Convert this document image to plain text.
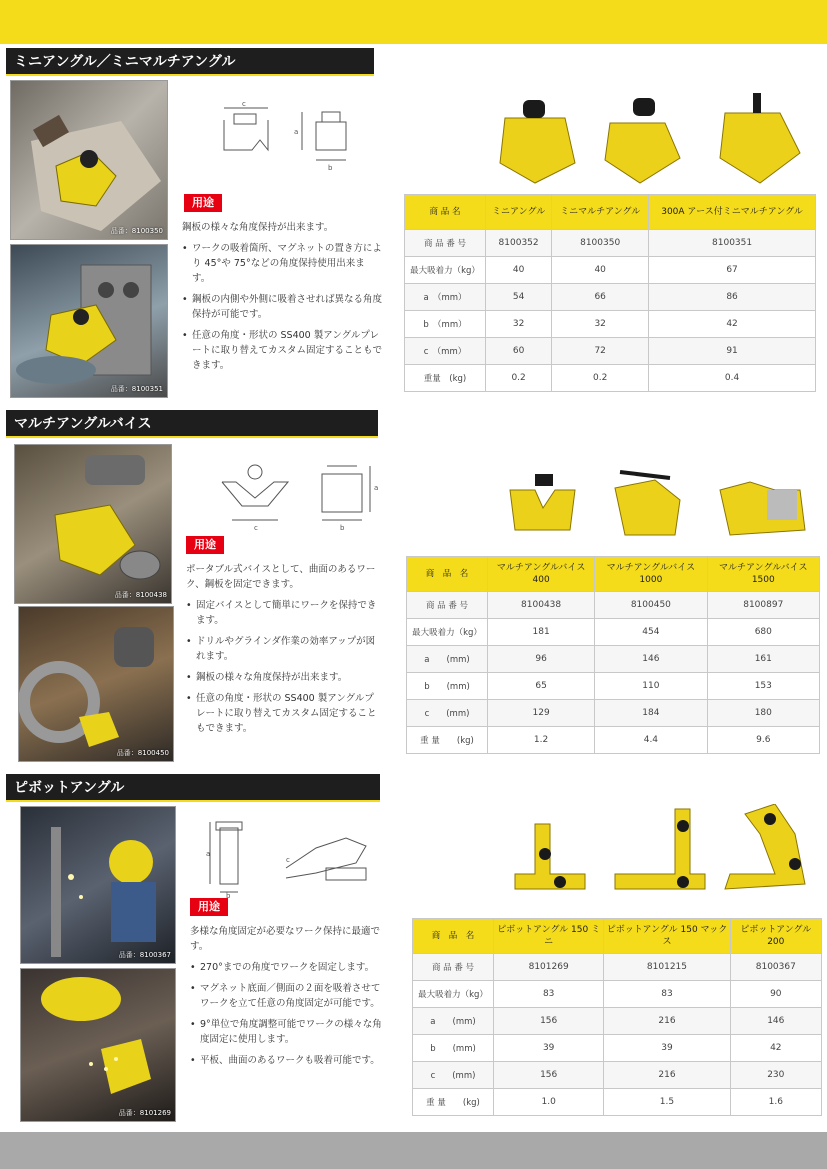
ミニアングル／ミニマルチアングル
品番：8100350
品番：8100351
c
a
b
用途

鋼板の様々な角度保持が出来ます。

• ワークの吸着箇所、マグネットの置き方により 45°や 75°などの角度保持使用出来ます。
• 鋼板の内側や外側に吸着させれば異なる角度保持が可能です。
• 任意の角度・形状の SS400 製アングルプレートに取り替えてカスタム固定することもできます。
商 品 名	ミニアングル	ミニマルチアングル	300A アース付ミニマルチアングル
商 品 番 号	8100352	8100350	8100351
最大吸着力（kg）	40	40	67
a　（mm）	54	66	86
b　（mm）	32	32	42
c　（mm）	60	72	91
重量　(kg)	0.2	0.2	0.4
マルチアングルバイス
品番：8100438
品番：8100450
c
a
b
用途

ポータブル式バイスとして、曲面のあるワーク、鋼板を固定できます。

• 固定バイスとして簡単にワークを保持できます。
• ドリルやグラインダ作業の効率アップが図れます。
• 鋼板の様々な角度保持が出来ます。
• 任意の角度・形状の SS400 製アングルプレートに取り替えてカスタム固定することもできます。
商　品　名	マルチアングルバイス 400	マルチアングルバイス 1000	マルチアングルバイス 1500
商 品 番 号	8100438	8100450	8100897
最大吸着力（kg）	181	454	680
a　　(mm)	96	146	161
b　　(mm)	65	110	153
c　　(mm)	129	184	180
重 量　　(kg)	1.2	4.4	9.6
ピボットアングル
品番：8100367
品番：8101269
a
b
c
用途

多様な角度固定が必要なワーク保持に最適です。

• 270°までの角度でワークを固定します。
• マグネット底面／側面の２面を吸着させてワークを立て任意の角度固定が可能です。
• 9°単位で角度調整可能でワークの様々な角度固定に使用します。
• 平板、曲面のあるワークも吸着可能です。
商　品　名	ピボットアングル 150 ミニ	ピボットアングル 150 マックス	ピボットアングル 200
商 品 番 号	8101269	8101215	8100367
最大吸着力（kg）	83	83	90
a　　(mm)	156	216	146
b　　(mm)	39	39	42
c　　(mm)	156	216	230
重 量　　(kg)	1.0	1.5	1.6
